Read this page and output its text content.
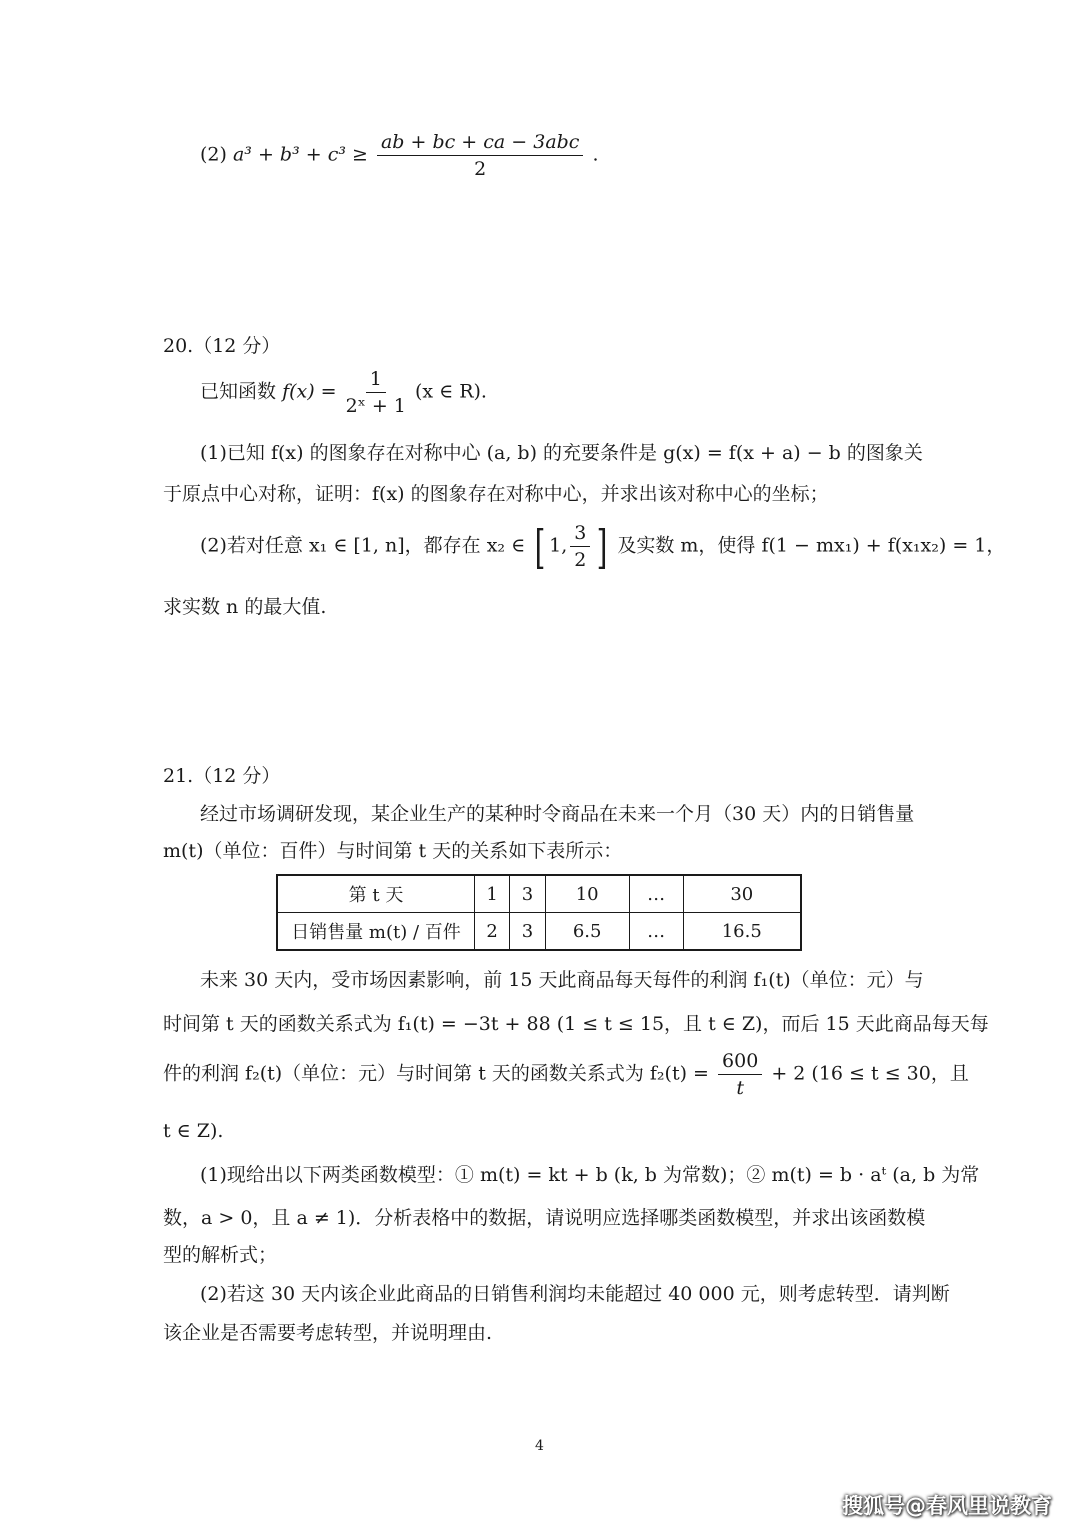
(2) $a^3 + b^3 + c^3 \ge \frac{\text{ab + bc + ca − 3abc}}{2}$ .
20.（12 分）
已知函数 $f(x) = \frac{1}{\text{2ˣ + 1}} (x$ ∈ R).
(1)已知 f(x) 的图象存在对称中心 (a, b) 的充要条件是 g(x) = f(x + a) − b 的图象关
于原点中心对称，证明：f(x) 的图象存在对称中心，并求出该对称中心的坐标；
(2)若对任意 x₁ ∈ [1, n]，都存在 x₂ ∈ [ 1, $\frac{3}{2}$ ] 及实数 m，使得 f(1 − mx₁) + f(x₁x₂) = 1，
求实数 n 的最大值.
21.（12 分）
经过市场调研发现，某企业生产的某种时令商品在未来一个月（30 天）内的日销售量
m(t)（单位：百件）与时间第 t 天的关系如下表所示：
第 t 天	1	3	10	…	30
日销售量 m(t) / 百件	2	3	6.5	…	16.5
未来 30 天内，受市场因素影响，前 15 天此商品每天每件的利润 f₁(t)（单位：元）与
时间第 t 天的函数关系式为 f₁(t) = −3t + 88 (1 ≤ t ≤ 15，且 t ∈ Z)，而后 15 天此商品每天每
件的利润 f₂(t)（单位：元）与时间第 t 天的函数关系式为 $f_2(t) = \frac{600}{t} + 2$ (16 ≤ t ≤ 30，且
t ∈ Z).
(1)现给出以下两类函数模型：① m(t) = kt + b (k, b 为常数)；② m(t) = b · aᵗ (a, b 为常
数，a > 0，且 a ≠ 1)．分析表格中的数据，请说明应选择哪类函数模型，并求出该函数模
型的解析式；
(2)若这 30 天内该企业此商品的日销售利润均未能超过 40 000 元，则考虑转型．请判断
该企业是否需要考虑转型，并说明理由.
4
搜狐号@春风里说教育
